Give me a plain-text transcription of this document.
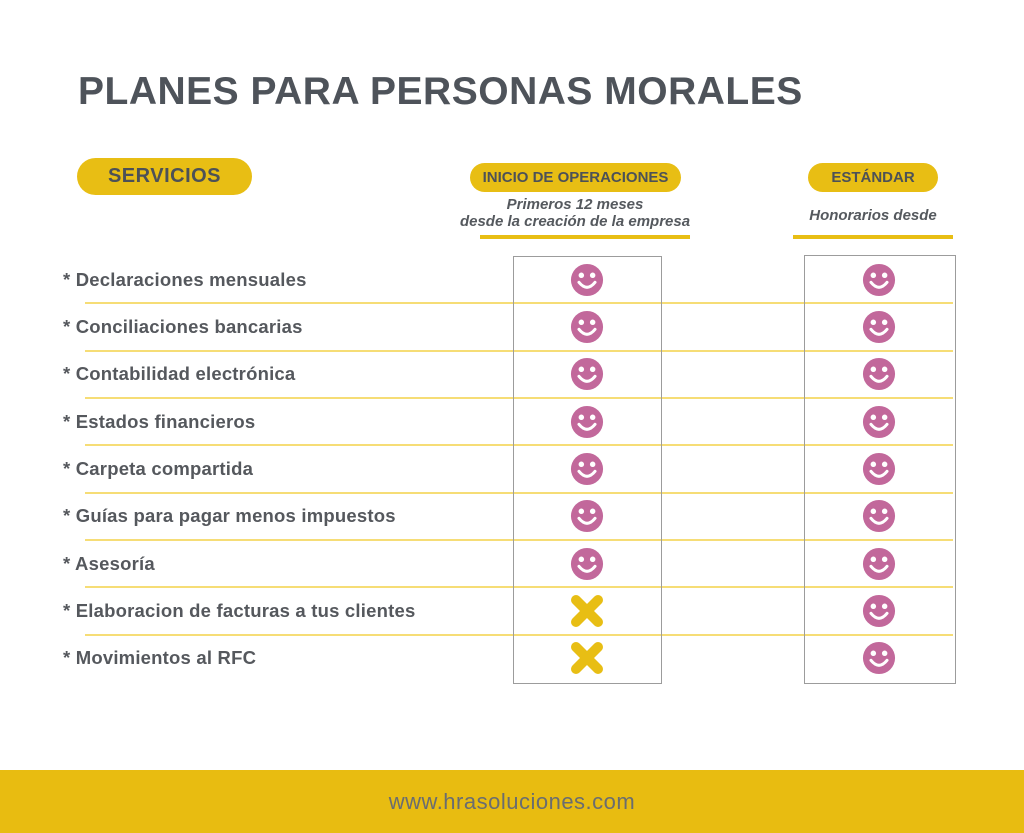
PLANES PARA PERSONAS MORALES
SERVICIOS	INICIO DE OPERACIONES
Primeros 12 meses
desde la creación de la empresa
ESTÁNDAR
Honorarios desde
* Declaraciones mensuales
* Conciliaciones bancarias
* Contabilidad electrónica
* Estados financieros
* Carpeta compartida
* Guías para pagar menos impuestos
* Asesoría
* Elaboracion de facturas a tus clientes
* Movimientos al RFC
www.hrasoluciones.com
